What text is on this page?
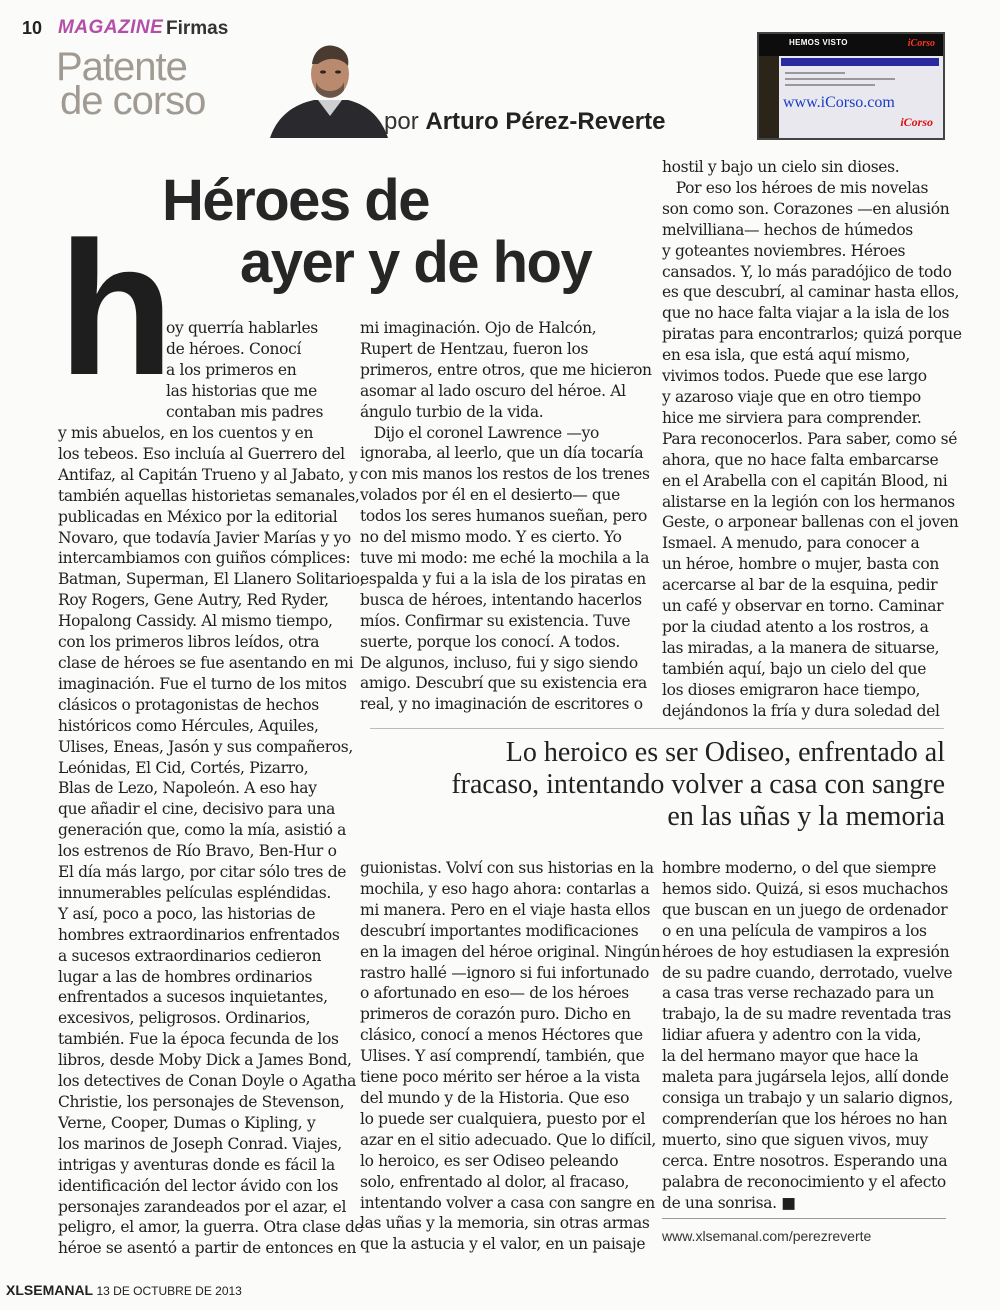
10 MAGAZINE Firmas
Patente
de corso	por Arturo Pérez-Reverte
HEMOS VISTO	iCorso
www.iCorso.com
iCorso
Héroes de
ayer y de hoy
h

oy querría hablarles

de héroes. Conocí

a los primeros en

las historias que me

contaban mis padres

y mis abuelos, en los cuentos y en

los tebeos. Eso incluía al Guerrero del

Antifaz, al Capitán Trueno y al Jabato, y

también aquellas historietas semanales,

publicadas en México por la editorial

Novaro, que todavía Javier Marías y yo

intercambiamos con guiños cómplices:

Batman, Superman, El Llanero Solitario,

Roy Rogers, Gene Autry, Red Ryder,

Hopalong Cassidy. Al mismo tiempo,

con los primeros libros leídos, otra

clase de héroes se fue asentando en mi

imaginación. Fue el turno de los mitos

clásicos o protagonistas de hechos

históricos como Hércules, Aquiles,

Ulises, Eneas, Jasón y sus compañeros,

Leónidas, El Cid, Cortés, Pizarro,

Blas de Lezo, Napoleón. A eso hay

que añadir el cine, decisivo para una

generación que, como la mía, asistió a

los estrenos de Río Bravo, Ben-Hur o

El día más largo, por citar sólo tres de

innumerables películas espléndidas.

Y así, poco a poco, las historias de

hombres extraordinarios enfrentados

a sucesos extraordinarios cedieron

lugar a las de hombres ordinarios

enfrentados a sucesos inquietantes,

excesivos, peligrosos. Ordinarios,

también. Fue la época fecunda de los

libros, desde Moby Dick a James Bond,

los detectives de Conan Doyle o Agatha

Christie, los personajes de Stevenson,

Verne, Cooper, Dumas o Kipling, y

los marinos de Joseph Conrad. Viajes,

intrigas y aventuras donde es fácil la

identificación del lector ávido con los

personajes zarandeados por el azar, el

peligro, el amor, la guerra. Otra clase de

héroe se asentó a partir de entonces en

mi imaginación. Ojo de Halcón,

Rupert de Hentzau, fueron los

primeros, entre otros, que me hicieron

asomar al lado oscuro del héroe. Al

ángulo turbio de la vida.

Dijo el coronel Lawrence —yo

ignoraba, al leerlo, que un día tocaría

con mis manos los restos de los trenes

volados por él en el desierto— que

todos los seres humanos sueñan, pero

no del mismo modo. Y es cierto. Yo

tuve mi modo: me eché la mochila a la

espalda y fui a la isla de los piratas en

busca de héroes, intentando hacerlos

míos. Confirmar su existencia. Tuve

suerte, porque los conocí. A todos.

De algunos, incluso, fui y sigo siendo

amigo. Descubrí que su existencia era

real, y no imaginación de escritores o

hostil y bajo un cielo sin dioses.

Por eso los héroes de mis novelas

son como son. Corazones —en alusión

melvilliana— hechos de húmedos

y goteantes noviembres. Héroes

cansados. Y, lo más paradójico de todo

es que descubrí, al caminar hasta ellos,

que no hace falta viajar a la isla de los

piratas para encontrarlos; quizá porque

en esa isla, que está aquí mismo,

vivimos todos. Puede que ese largo

y azaroso viaje que en otro tiempo

hice me sirviera para comprender.

Para reconocerlos. Para saber, como sé

ahora, que no hace falta embarcarse

en el Arabella con el capitán Blood, ni

alistarse en la legión con los hermanos

Geste, o arponear ballenas con el joven

Ismael. A menudo, para conocer a

un héroe, hombre o mujer, basta con

acercarse al bar de la esquina, pedir

un café y observar en torno. Caminar

por la ciudad atento a los rostros, a

las miradas, a la manera de situarse,

también aquí, bajo un cielo del que

los dioses emigraron hace tiempo,

dejándonos la fría y dura soledad del

Lo heroico es ser Odiseo, enfrentado al
fracaso, intentando volver a casa con sangre
en las uñas y la memoria

guionistas. Volví con sus historias en la

mochila, y eso hago ahora: contarlas a

mi manera. Pero en el viaje hasta ellos

descubrí importantes modificaciones

en la imagen del héroe original. Ningún

rastro hallé —ignoro si fui infortunado

o afortunado en eso— de los héroes

primeros de corazón puro. Dicho en

clásico, conocí a menos Héctores que

Ulises. Y así comprendí, también, que

tiene poco mérito ser héroe a la vista

del mundo y de la Historia. Que eso

lo puede ser cualquiera, puesto por el

azar en el sitio adecuado. Que lo difícil,

lo heroico, es ser Odiseo peleando

solo, enfrentado al dolor, al fracaso,

intentando volver a casa con sangre en

las uñas y la memoria, sin otras armas

que la astucia y el valor, en un paisaje

hombre moderno, o del que siempre

hemos sido. Quizá, si esos muchachos

que buscan en un juego de ordenador

o en una película de vampiros a los

héroes de hoy estudiasen la expresión

de su padre cuando, derrotado, vuelve

a casa tras verse rechazado para un

trabajo, la de su madre reventada tras

lidiar afuera y adentro con la vida,

la del hermano mayor que hace la

maleta para jugársela lejos, allí donde

consiga un trabajo y un salario dignos,

comprenderían que los héroes no han

muerto, sino que siguen vivos, muy

cerca. Entre nosotros. Esperando una

palabra de reconocimiento y el afecto

de una sonrisa. ■

www.xlsemanal.com/perezreverte
XLSEMANAL 13 DE OCTUBRE DE 2013
